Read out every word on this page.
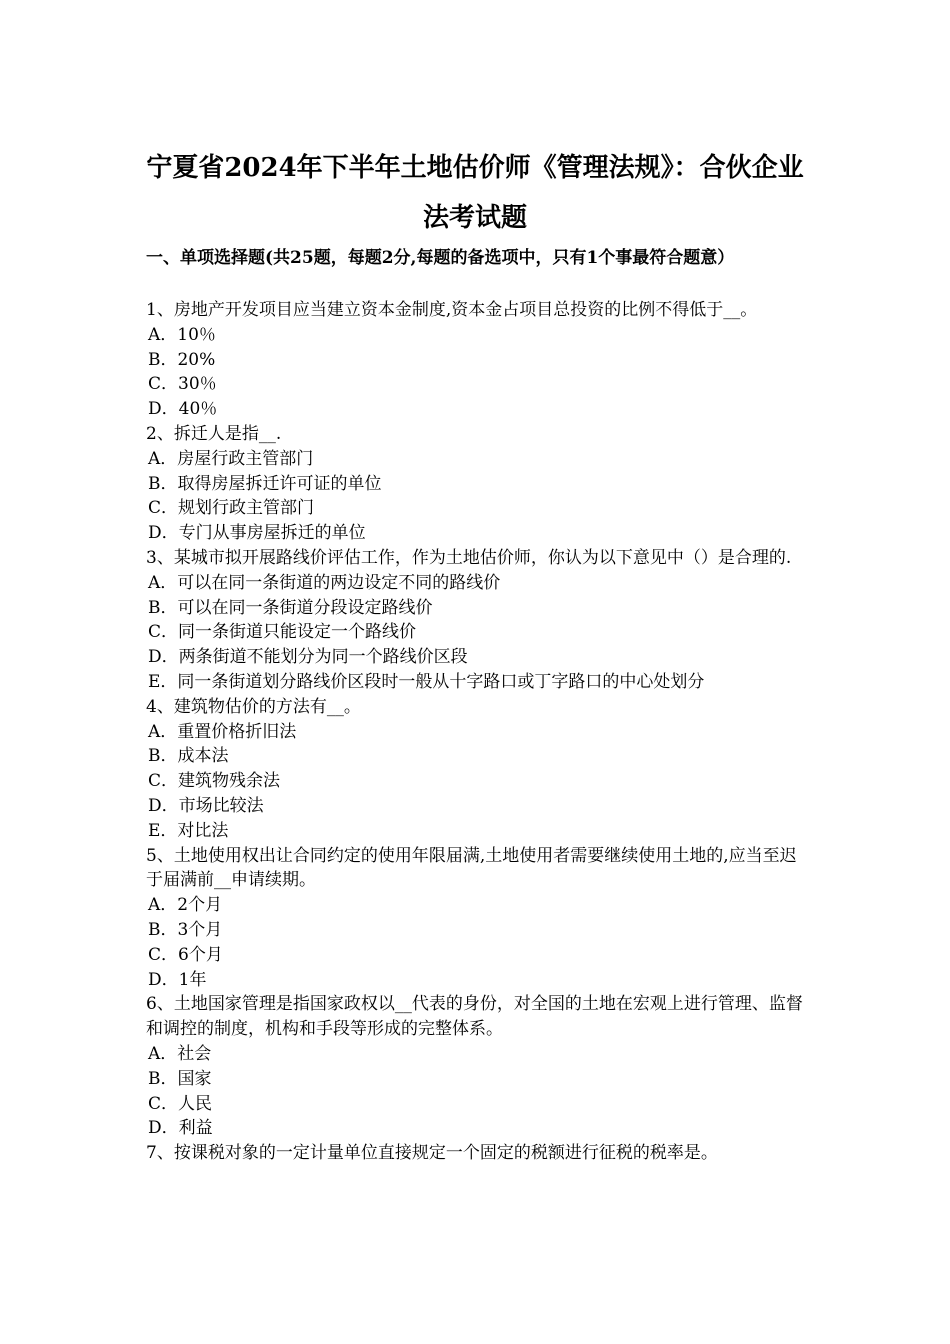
宁夏省2024年下半年土地估价师《管理法规》：合伙企业
法考试题
一、单项选择题(共25题，每题2分,每题的备选项中，只有1个事最符合题意）
1、房地产开发项目应当建立资本金制度,资本金占项目总投资的比例不得低于__。
A．10％
B．20%
C．30％
D．40％
2、拆迁人是指__.
A．房屋行政主管部门
B．取得房屋拆迁许可证的单位
C．规划行政主管部门
D．专门从事房屋拆迁的单位
3、某城市拟开展路线价评估工作，作为土地估价师，你认为以下意见中（）是合理的.
A．可以在同一条街道的两边设定不同的路线价
B．可以在同一条街道分段设定路线价
C．同一条街道只能设定一个路线价
D．两条街道不能划分为同一个路线价区段
E．同一条街道划分路线价区段时一般从十字路口或丁字路口的中心处划分
4、建筑物估价的方法有__。
A．重置价格折旧法
B．成本法
C．建筑物残余法
D．市场比较法
E．对比法
5、土地使用权出让合同约定的使用年限届满,土地使用者需要继续使用土地的,应当至迟于届满前__申请续期。
A．2个月
B．3个月
C．6个月
D．1年
6、土地国家管理是指国家政权以__代表的身份，对全国的土地在宏观上进行管理、监督和调控的制度，机构和手段等形成的完整体系。
A．社会
B．国家
C．人民
D．利益
7、按课税对象的一定计量单位直接规定一个固定的税额进行征税的税率是。
